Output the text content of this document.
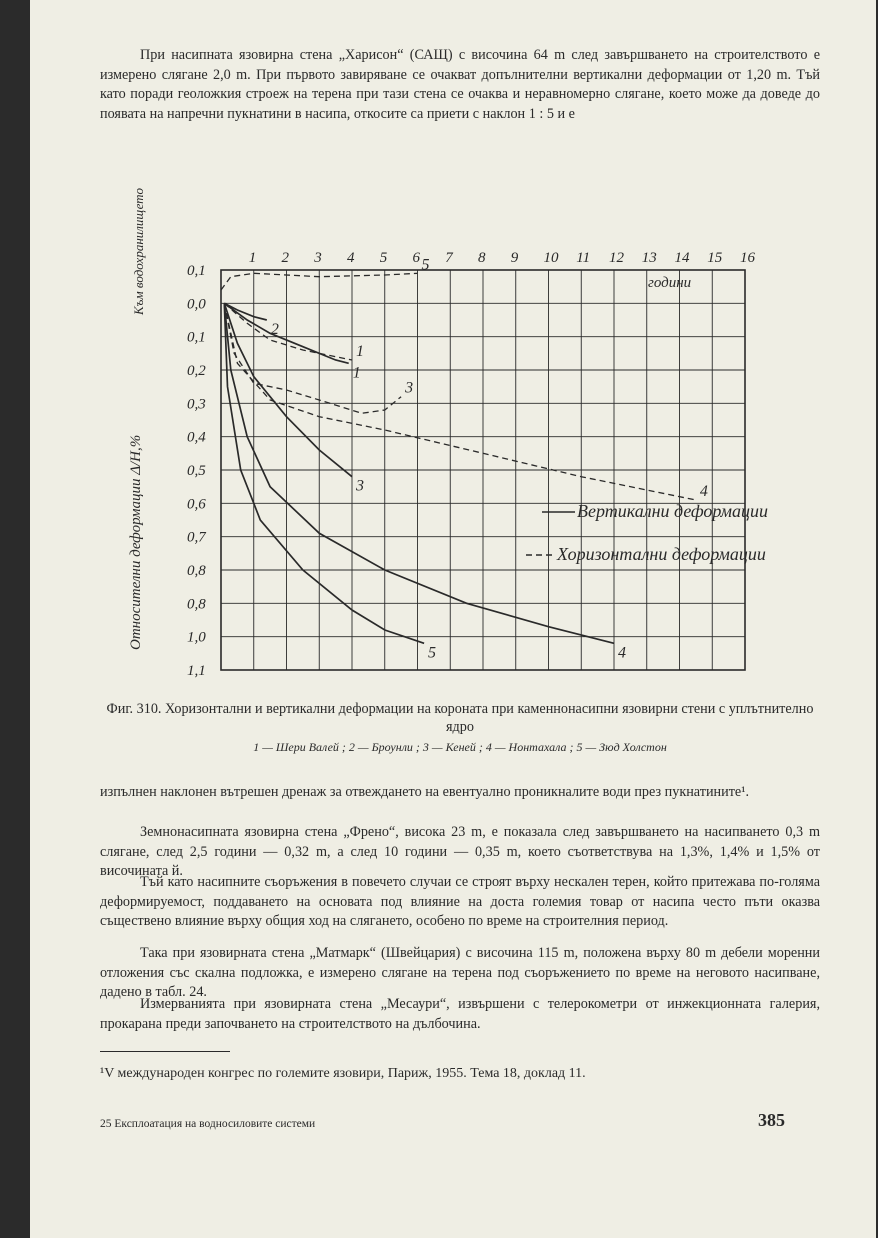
При насипната язовирна стена „Харисон“ (САЩ) с височина 64 m след завършването на строителството е измерено слягане 2,0 m. При първото завиряване се очакват допълнителни вертикални деформации от 1,20 m. Тъй като поради геоложкия строеж на терена при тази стена се очаква и неравномерно слягане, което може да доведе до появата на напречни пукнатини в насипа, откосите са приети с наклон 1 : 5 и е
1 2 3 4 5 6 7 8 9 10 11 12 13 14 15 16
0,1
0,0
0,1
0,2
0,3
0,4
0,5
0,6
0,7
0,8
0,8
1,0
1,1
1
1
2
3
3
4
4
5
5
години
Относителни деформации Δ/H,%
Към водохранилището
Вертикални деформации
Хоризонтални деформации
Фиг. 310. Хоризонтални и вертикални деформации на короната при каменнонасипни язовирни стени с уплътнително ядро
1 — Шери Валей ; 2 — Броунли ; 3 — Кеней ; 4 — Нонтахала ; 5 — Зюд Холстон
изпълнен наклонен вътрешен дренаж за отвеждането на евентуално проникналите води през пукнатините¹.
Земнонасипната язовирна стена „Френо“, висока 23 m, е показала след завършването на насипването 0,3 m слягане, след 2,5 години — 0,32 m, а след 10 години — 0,35 m, което съответствува на 1,3%, 1,4% и 1,5% от височината й.
Тъй като насипните съоръжения в повечето случаи се строят върху нескален терен, който притежава по-голяма деформируемост, поддаването на основата под влияние на доста големия товар от насипа често пъти оказва съществено влияние върху общия ход на слягането, особено по време на строителния период.
Така при язовирната стена „Матмарк“ (Швейцария) с височина 115 m, положена върху 80 m дебели моренни отложения със скална подложка, е измерено слягане на терена под съоръжението по време на неговото насипване, дадено в табл. 24.
Измерванията при язовирната стена „Месаури“, извършени с телерокометри от инжекционната галерия, прокарана преди започването на строителството на дълбочина.
¹V международен конгрес по големите язовири, Париж, 1955. Тема 18, доклад 11.
25 Експлоатация на водносиловите системи	385
